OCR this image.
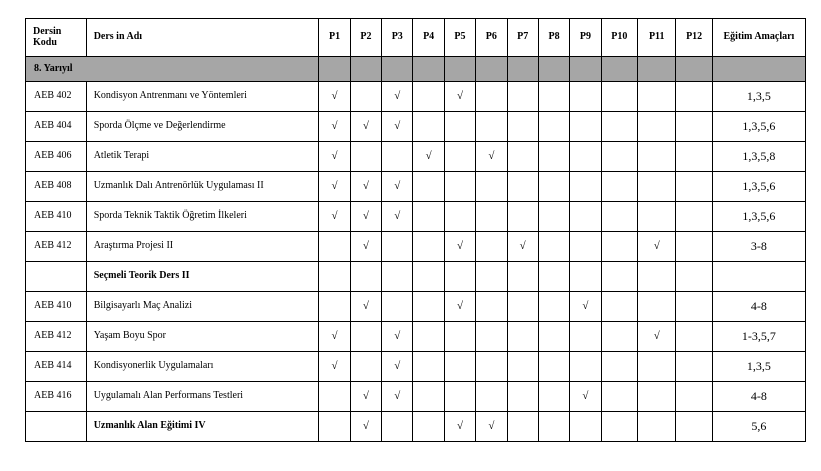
Dersin Kodu	Ders in Adı	P1	P2	P3	P4	P5	P6	P7	P8	P9	P10	P11	P12	Eğitim Amaçları
8. Yarıyıl														
AEB 402	Kondisyon Antrenmanı ve Yöntemleri	√		√		√								1,3,5
AEB 404	Sporda Ölçme ve Değerlendirme	√	√	√										1,3,5,6
AEB 406	Atletik Terapi	√			√		√							1,3,5,8
AEB 408	Uzmanlık Dalı Antrenörlük Uygulaması II	√	√	√										1,3,5,6
AEB 410	Sporda Teknik Taktik Öğretim İlkeleri	√	√	√										1,3,5,6
AEB 412	Araştırma Projesi II		√			√		√				√		3-8
	Seçmeli Teorik Ders II													
AEB 410	Bilgisayarlı Maç Analizi		√			√				√				4-8
AEB 412	Yaşam Boyu Spor	√		√								√		1-3,5,7
AEB 414	Kondisyonerlik Uygulamaları	√		√										1,3,5
AEB 416	Uygulamalı Alan Performans Testleri		√	√						√				4-8
	Uzmanlık Alan Eğitimi IV		√			√	√							5,6
